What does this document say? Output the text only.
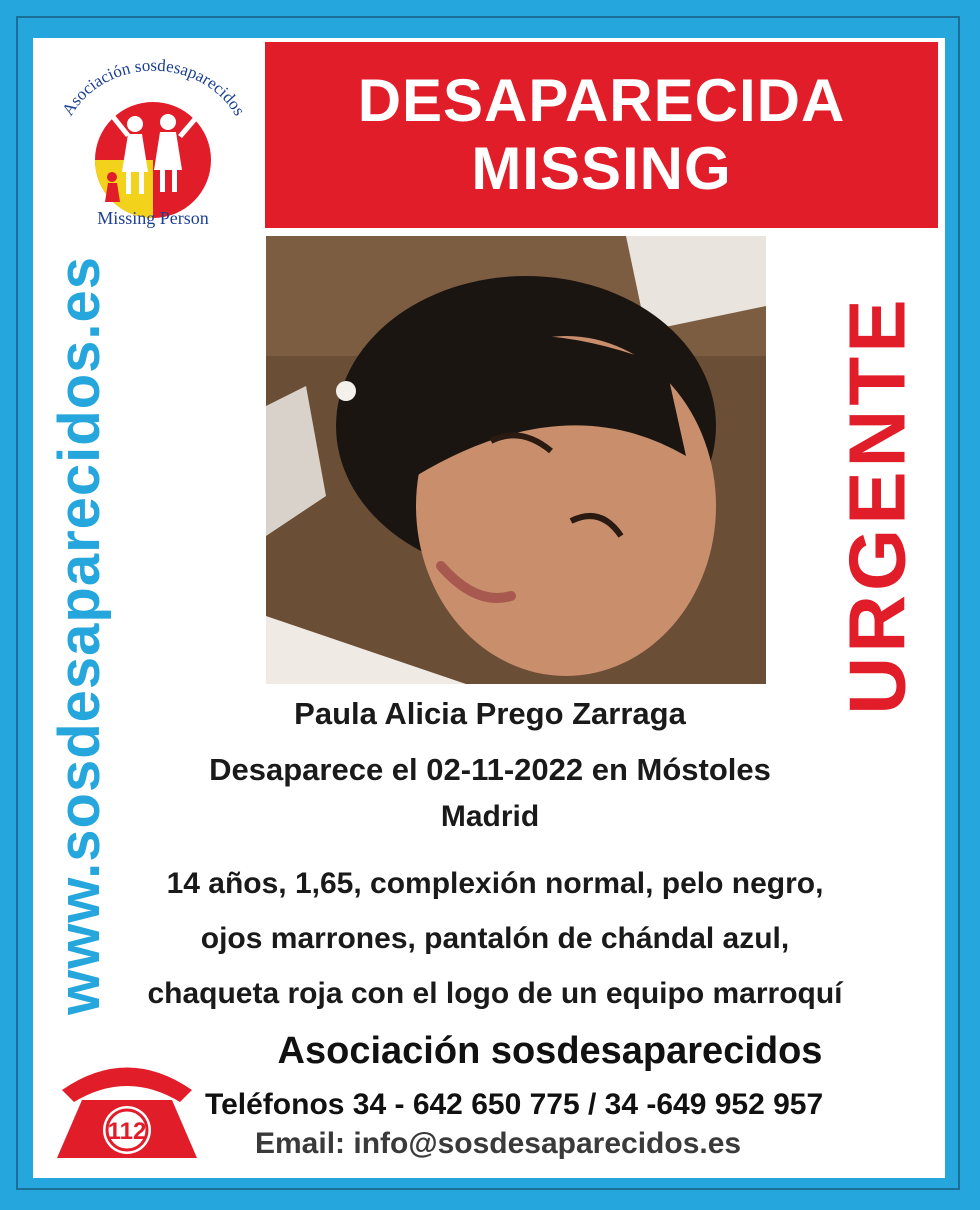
Asociación sosdesaparecidos
Missing Person
DESAPARECIDA
MISSING
www.sosdesaparecidos.es	URGENTE
Paula Alicia Prego Zarraga
Desaparece el 02-11-2022 en Móstoles
Madrid
14 años, 1,65, complexión normal, pelo negro,
ojos marrones, pantalón de chándal azul,
chaqueta roja con el logo de un equipo marroquí
112
Asociación sosdesaparecidos
Teléfonos 34 - 642 650 775 / 34 -649 952 957
Email: info@sosdesaparecidos.es
